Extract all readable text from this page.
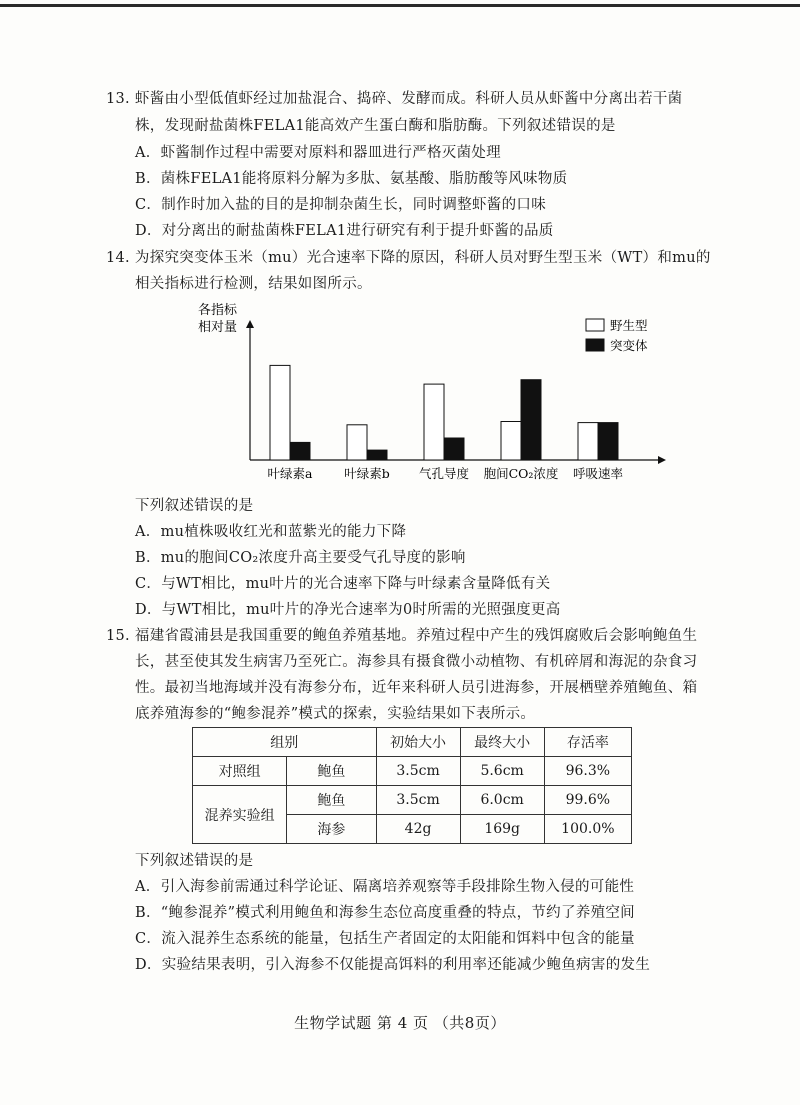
13. 虾酱由小型低值虾经过加盐混合、捣碎、发酵而成。科研人员从虾酱中分离出若干菌
株，发现耐盐菌株FELA1能高效产生蛋白酶和脂肪酶。下列叙述错误的是
A．虾酱制作过程中需要对原料和器皿进行严格灭菌处理
B．菌株FELA1能将原料分解为多肽、氨基酸、脂肪酸等风味物质
C．制作时加入盐的目的是抑制杂菌生长，同时调整虾酱的口味
D．对分离出的耐盐菌株FELA1进行研究有利于提升虾酱的品质
14. 为探究突变体玉米（mu）光合速率下降的原因，科研人员对野生型玉米（WT）和mu的
相关指标进行检测，结果如图所示。
各指标
相对量	野生型
突变体
叶绿素a	叶绿素b 气孔导度 胞间CO₂浓度 呼吸速率
下列叙述错误的是
A．mu植株吸收红光和蓝紫光的能力下降
B．mu的胞间CO₂浓度升高主要受气孔导度的影响
C．与WT相比，mu叶片的光合速率下降与叶绿素含量降低有关
D．与WT相比，mu叶片的净光合速率为0时所需的光照强度更高
15. 福建省霞浦县是我国重要的鲍鱼养殖基地。养殖过程中产生的残饵腐败后会影响鲍鱼生
长，甚至使其发生病害乃至死亡。海参具有摄食微小动植物、有机碎屑和海泥的杂食习
性。最初当地海域并没有海参分布，近年来科研人员引进海参，开展栖壁养殖鲍鱼、箱
底养殖海参的“鲍参混养”模式的探索，实验结果如下表所示。
组别		初始大小	最终大小	存活率
对照组	鲍鱼	3.5cm	5.6cm	96.3%
混养实验组	鲍鱼	3.5cm	6.0cm	99.6%
	海参	42g	169g	100.0%
下列叙述错误的是
A．引入海参前需通过科学论证、隔离培养观察等手段排除生物入侵的可能性
B．“鲍参混养”模式利用鲍鱼和海参生态位高度重叠的特点，节约了养殖空间
C．流入混养生态系统的能量，包括生产者固定的太阳能和饵料中包含的能量
D．实验结果表明，引入海参不仅能提高饵料的利用率还能减少鲍鱼病害的发生
生物学试题 第 4 页 （共8页）
